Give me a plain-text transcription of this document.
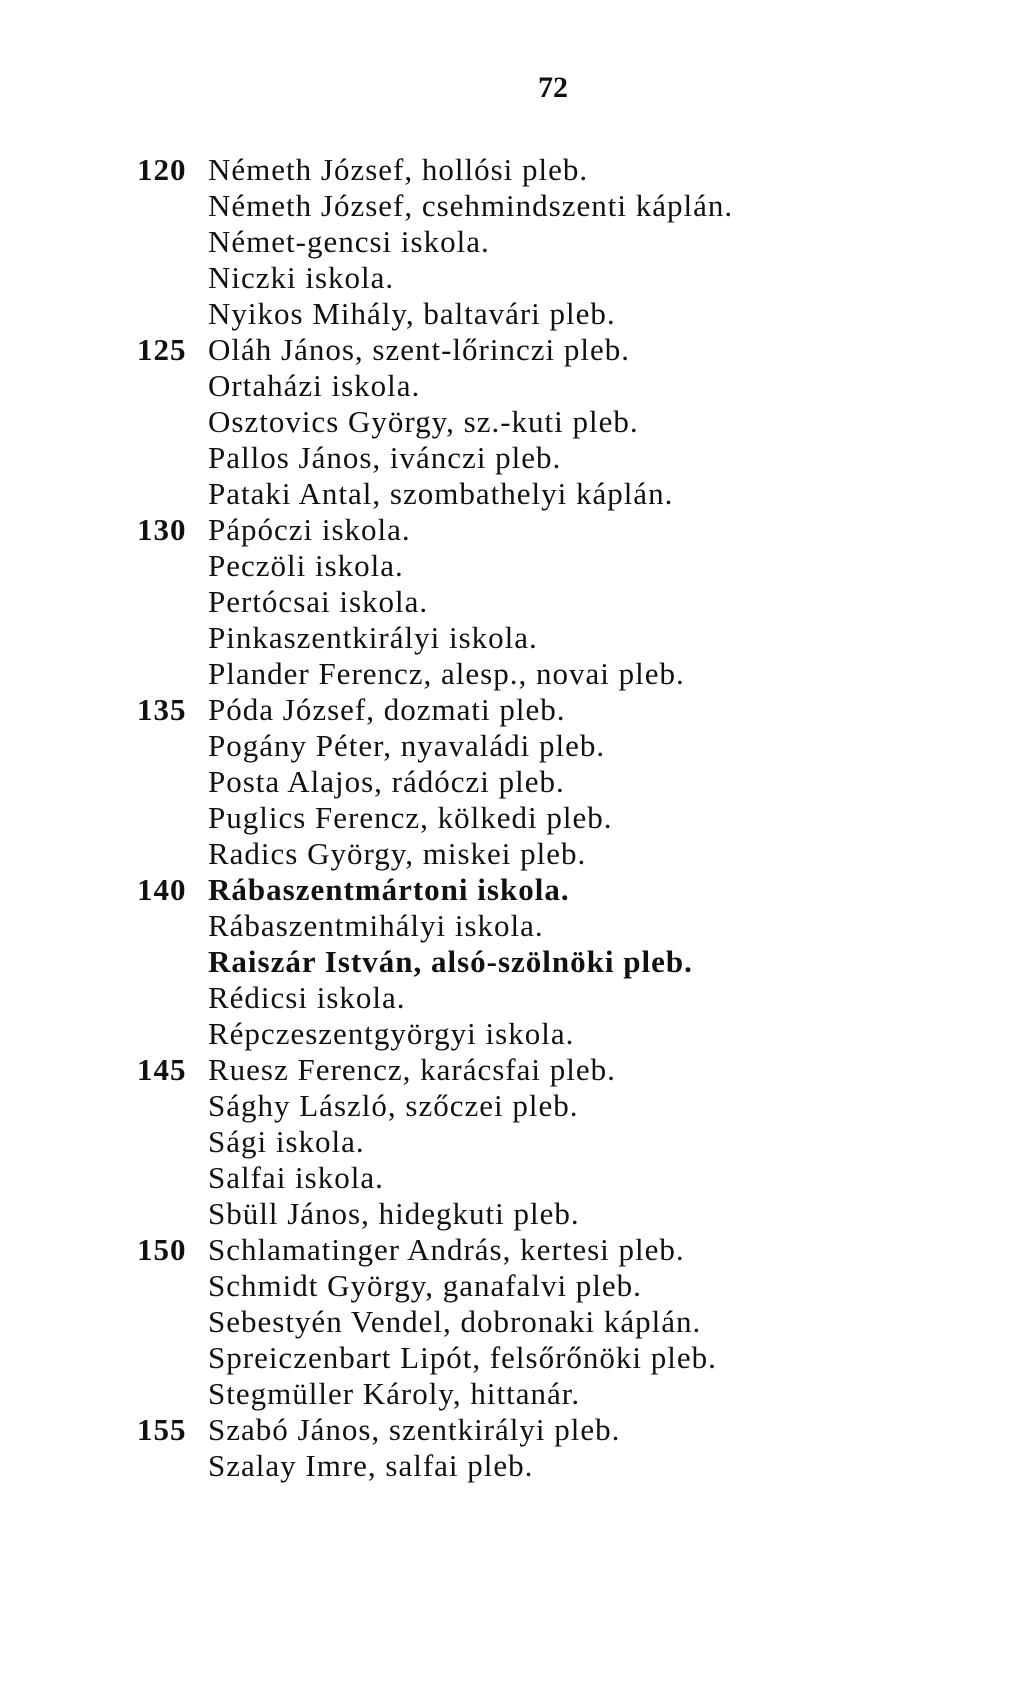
72
120 Németh József, hollósi pleb.
Németh József, csehmindszenti káplán.
Német-gencsi iskola.
Niczki iskola.
Nyikos Mihály, baltavári pleb.
125 Oláh János, szent-lőrinczi pleb.
Ortaházi iskola.
Osztovics György, sz.-kuti pleb.
Pallos János, ivánczi pleb.
Pataki Antal, szombathelyi káplán.
130 Pápóczi iskola.
Peczöli iskola.
Pertócsai iskola.
Pinkaszentkirályi iskola.
Plander Ferencz, alesp., novai pleb.
135 Póda József, dozmati pleb.
Pogány Péter, nyavaládi pleb.
Posta Alajos, rádóczi pleb.
Puglics Ferencz, kölkedi pleb.
Radics György, miskei pleb.
140 Rábaszentmártoni iskola.
Rábaszentmihályi iskola.
Raiszár István, alsó-szölnöki pleb.
Rédicsi iskola.
Répczeszentgyörgyi iskola.
145 Ruesz Ferencz, karácsfai pleb.
Sághy László, szőczei pleb.
Sági iskola.
Salfai iskola.
Sbüll János, hidegkuti pleb.
150 Schlamatinger András, kertesi pleb.
Schmidt György, ganafalvi pleb.
Sebestyén Vendel, dobronaki káplán.
Spreiczenbart Lipót, felsőrőnöki pleb.
Stegmüller Károly, hittanár.
155 Szabó János, szentkirályi pleb.
Szalay Imre, salfai pleb.
